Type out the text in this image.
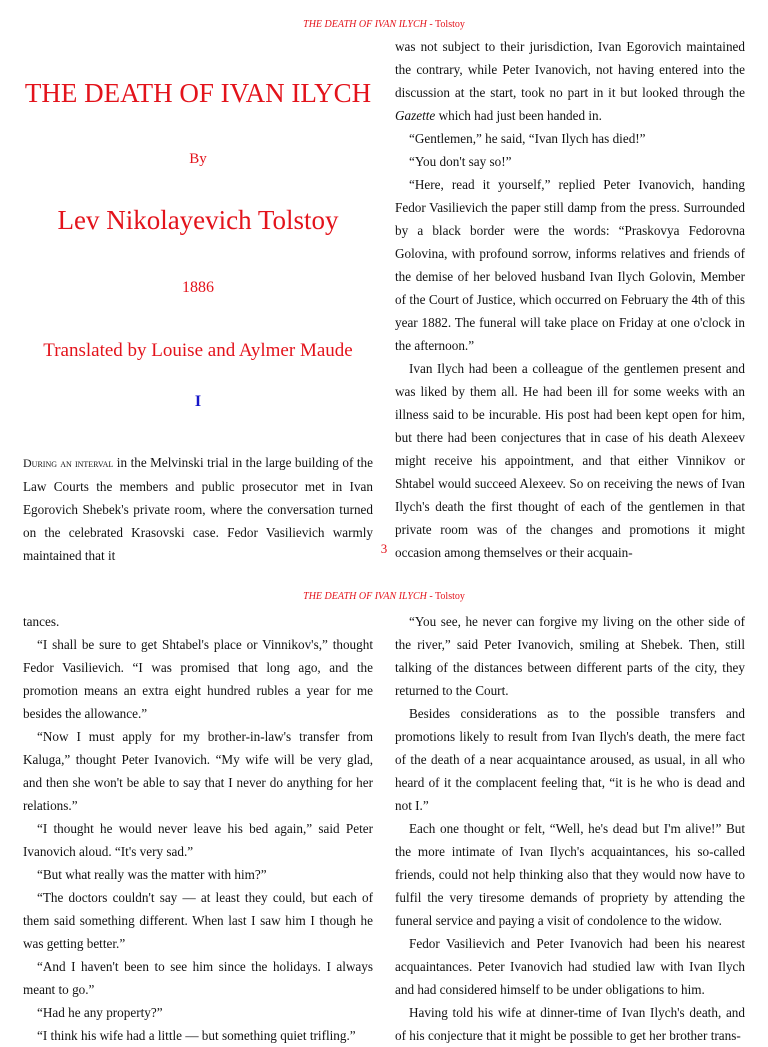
THE DEATH OF IVAN ILYCH - Tolstoy
THE DEATH OF IVAN ILYCH
By
Lev Nikolayevich Tolstoy
1886
Translated by Louise and Aylmer Maude
I

During an interval in the Melvinski trial in the large building of the Law Courts the members and public prosecutor met in Ivan Egorovich Shebek's private room, where the conversation turned on the celebrated Krasovski case. Fedor Vasilievich warmly maintained that it

was not subject to their jurisdiction, Ivan Egorovich maintained the contrary, while Peter Ivanovich, not having entered into the discussion at the start, took no part in it but looked through the Gazette which had just been handed in.

“Gentlemen,” he said, “Ivan Ilych has died!”

“You don't say so!”

“Here, read it yourself,” replied Peter Ivanovich, handing Fedor Vasilievich the paper still damp from the press. Surrounded by a black border were the words: “Praskovya Fedorovna Golovina, with profound sorrow, informs relatives and friends of the demise of her beloved husband Ivan Ilych Golovin, Member of the Court of Justice, which occurred on February the 4th of this year 1882. The funeral will take place on Friday at one o'clock in the afternoon.”

Ivan Ilych had been a colleague of the gentlemen present and was liked by them all. He had been ill for some weeks with an illness said to be incurable. His post had been kept open for him, but there had been conjectures that in case of his death Alexeev might receive his appointment, and that either Vinnikov or Shtabel would succeed Alexeev. So on receiving the news of Ivan Ilych's death the first thought of each of the gentlemen in that private room was of the changes and promotions it might occasion among themselves or their acquain-

3
THE DEATH OF IVAN ILYCH - Tolstoy

tances.

“I shall be sure to get Shtabel's place or Vinnikov's,” thought Fedor Vasilievich. “I was promised that long ago, and the promotion means an extra eight hundred rubles a year for me besides the allowance.”

“Now I must apply for my brother-in-law's transfer from Kaluga,” thought Peter Ivanovich. “My wife will be very glad, and then she won't be able to say that I never do anything for her relations.”

“I thought he would never leave his bed again,” said Peter Ivanovich aloud. “It's very sad.”

“But what really was the matter with him?”

“The doctors couldn't say — at least they could, but each of them said something different. When last I saw him I though he was getting better.”

“And I haven't been to see him since the holidays. I always meant to go.”

“Had he any property?”

“I think his wife had a little — but something quiet trifling.”

“You see, he never can forgive my living on the other side of the river,” said Peter Ivanovich, smiling at Shebek. Then, still talking of the distances between different parts of the city, they returned to the Court.

Besides considerations as to the possible transfers and promotions likely to result from Ivan Ilych's death, the mere fact of the death of a near acquaintance aroused, as usual, in all who heard of it the complacent feeling that, “it is he who is dead and not I.”

Each one thought or felt, “Well, he's dead but I'm alive!” But the more intimate of Ivan Ilych's acquaintances, his so-called friends, could not help thinking also that they would now have to fulfil the very tiresome demands of propriety by attending the funeral service and paying a visit of condolence to the widow.

Fedor Vasilievich and Peter Ivanovich had been his nearest acquaintances. Peter Ivanovich had studied law with Ivan Ilych and had considered himself to be under obligations to him.

Having told his wife at dinner-time of Ivan Ilych's death, and of his conjecture that it might be possible to get her brother trans-
